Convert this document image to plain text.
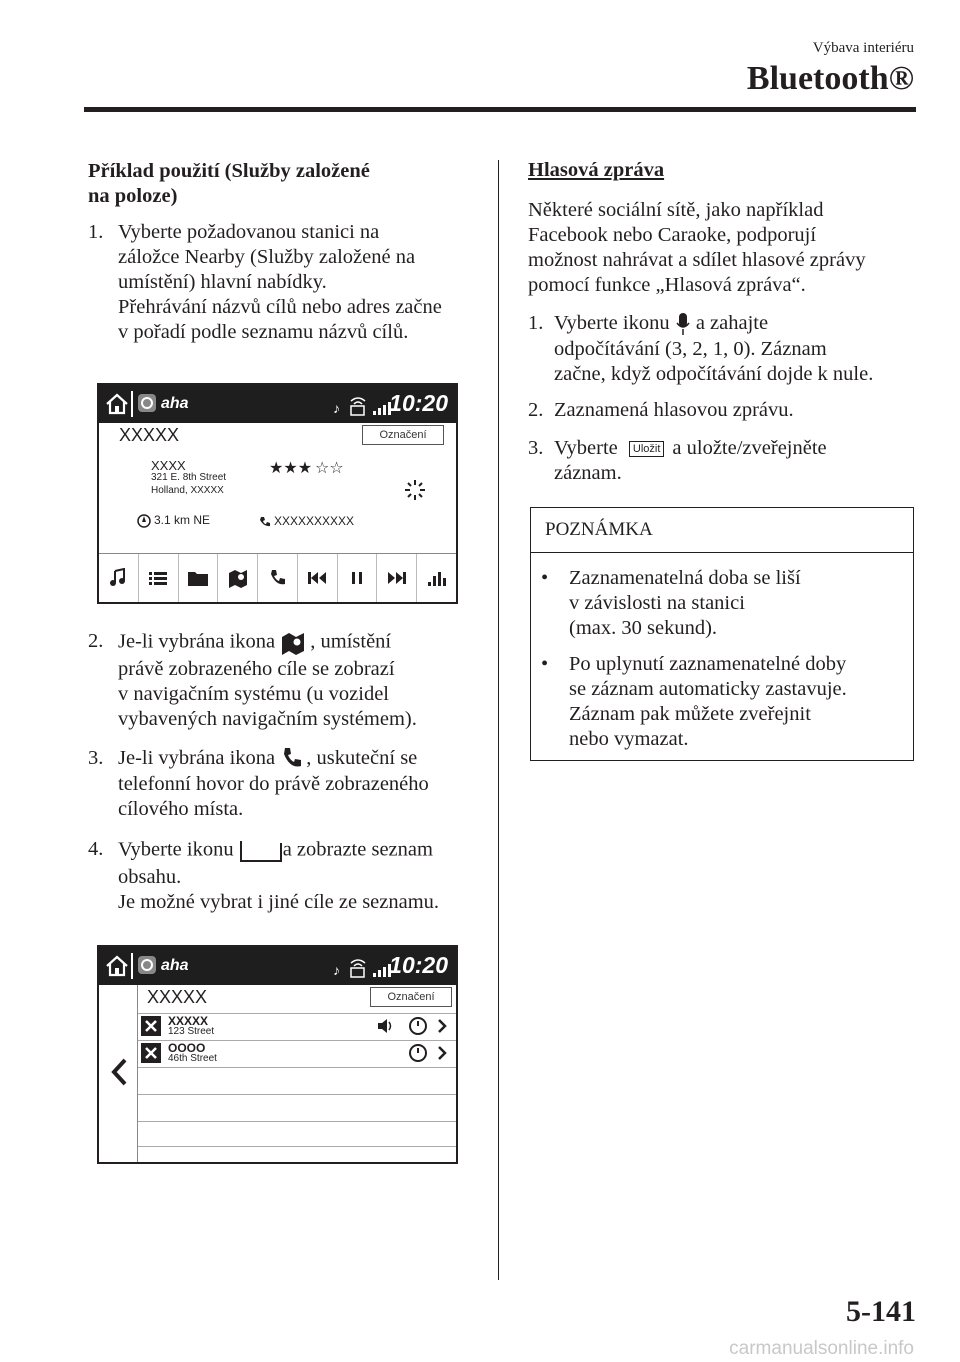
Výbava interiéru
Bluetooth®
Příklad použití (Služby založené
na poloze)
1. Vyberte požadovanou stanici na
záložce Nearby (Služby založené na
umístění) hlavní nabídky.
Přehrávání názvů cílů nebo adres začne
v pořadí podle seznamu názvů cílů.
aha	♪ 10:20
XXXXX	Označení
XXXX
321 E. 8th Street
Holland, XXXXX
★★★ ☆☆
3.1 km NE	XXXXXXXXXX
2. Je-li vybrána ikona , umístění
právě zobrazeného cíle se zobrazí
v navigačním systému (u vozidel
vybavených navigačním systémem).
3. Je-li vybrána ikona , uskuteční se
telefonní hovor do právě zobrazeného
cílového místa.
4. Vyberte ikonu a zobrazte seznam
obsahu.
Je možné vybrat i jiné cíle ze seznamu.
aha	♪ 10:20
XXXXX	Označení
XXXXX
123 Street
OOOO
46th Street
Hlasová zpráva
Některé sociální sítě, jako například
Facebook nebo Caraoke, podporují
možnost nahrávat a sdílet hlasové zprávy
pomocí funkce „Hlasová zpráva“.
1. Vyberte ikonu a zahajte
odpočítávání (3, 2, 1, 0). Záznam
začne, když odpočítávání dojde k nule.
2. Zaznamená hlasovou zprávu.
3. Vyberte Uložit a uložte/zveřejněte
záznam.
POZNÁMKA
• Zaznamenatelná doba se liší
v závislosti na stanici
(max. 30 sekund).
• Po uplynutí zaznamenatelné doby
se záznam automaticky zastavuje.
Záznam pak můžete zveřejnit
nebo vymazat.
5-141
carmanualsonline.info
